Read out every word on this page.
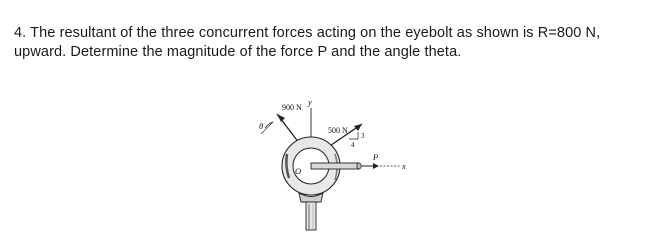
4. The resultant of the three concurrent forces acting on the eyebolt as shown is R=800 N,
upward. Determine the magnitude of the force P and the angle theta.
y
900 N
θ	500 N
3
4
P
x
O
